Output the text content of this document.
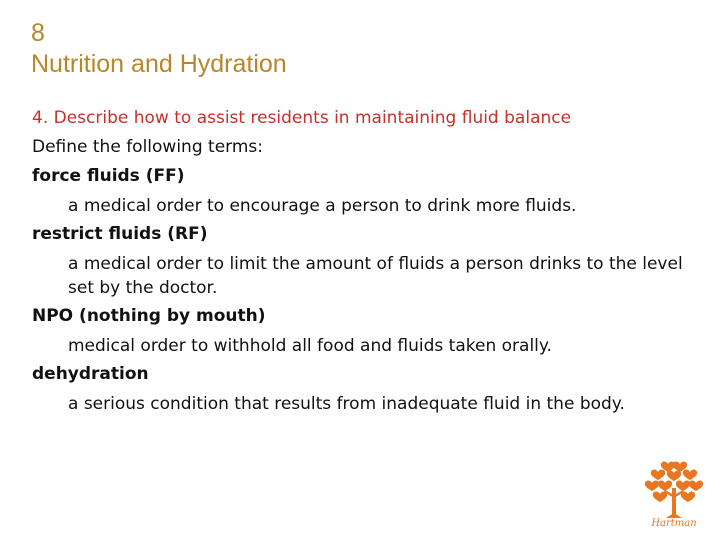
8
Nutrition and Hydration
4. Describe how to assist residents in maintaining fluid balance
Define the following terms:
force fluids (FF)
a medical order to encourage a person to drink more fluids.
restrict fluids (RF)
a medical order to limit the amount of fluids a person drinks to the level set by the doctor.
NPO (nothing by mouth)
medical order to withhold all food and fluids taken orally.
dehydration
a serious condition that results from inadequate fluid in the body.
Hartman
